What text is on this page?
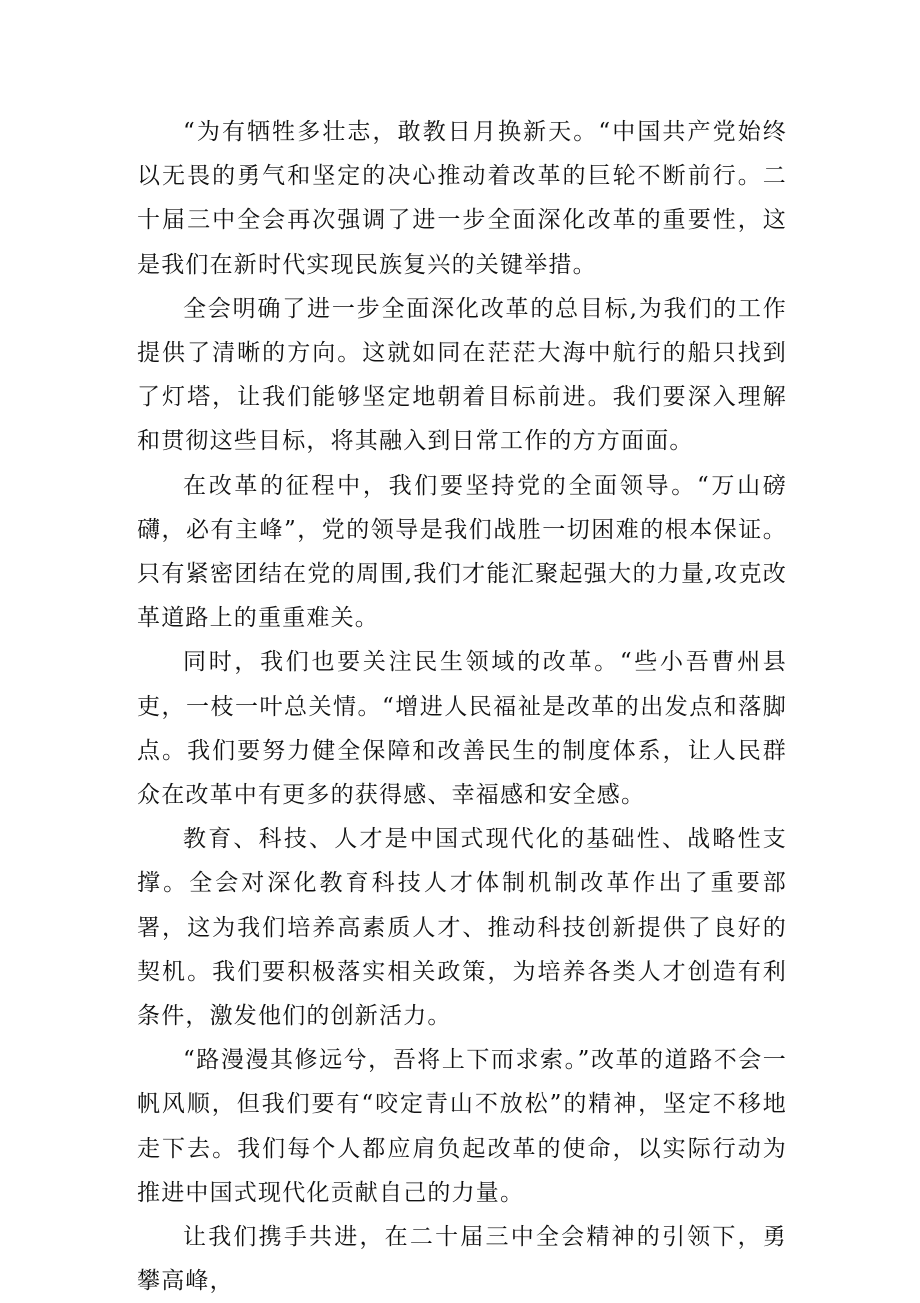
“为有牺牲多壮志，敢教日月换新天。“中国共产党始终以无畏的勇气和坚定的决心推动着改革的巨轮不断前行。二十届三中全会再次强调了进一步全面深化改革的重要性，这是我们在新时代实现民族复兴的关键举措。

全会明确了进一步全面深化改革的总目标,为我们的工作提供了清晰的方向。这就如同在茫茫大海中航行的船只找到了灯塔，让我们能够坚定地朝着目标前进。我们要深入理解和贯彻这些目标，将其融入到日常工作的方方面面。

在改革的征程中，我们要坚持党的全面领导。“万山磅礴，必有主峰”，党的领导是我们战胜一切困难的根本保证。只有紧密团结在党的周围,我们才能汇聚起强大的力量,攻克改革道路上的重重难关。

同时，我们也要关注民生领域的改革。“些小吾曹州县吏，一枝一叶总关情。“增进人民福祉是改革的出发点和落脚点。我们要努力健全保障和改善民生的制度体系，让人民群众在改革中有更多的获得感、幸福感和安全感。

教育、科技、人才是中国式现代化的基础性、战略性支撑。全会对深化教育科技人才体制机制改革作出了重要部署，这为我们培养高素质人才、推动科技创新提供了良好的契机。我们要积极落实相关政策，为培养各类人才创造有利条件，激发他们的创新活力。

“路漫漫其修远兮，吾将上下而求索。”改革的道路不会一帆风顺，但我们要有“咬定青山不放松”的精神，坚定不移地走下去。我们每个人都应肩负起改革的使命，以实际行动为推进中国式现代化贡献自己的力量。

让我们携手共进，在二十届三中全会精神的引领下，勇攀高峰，
